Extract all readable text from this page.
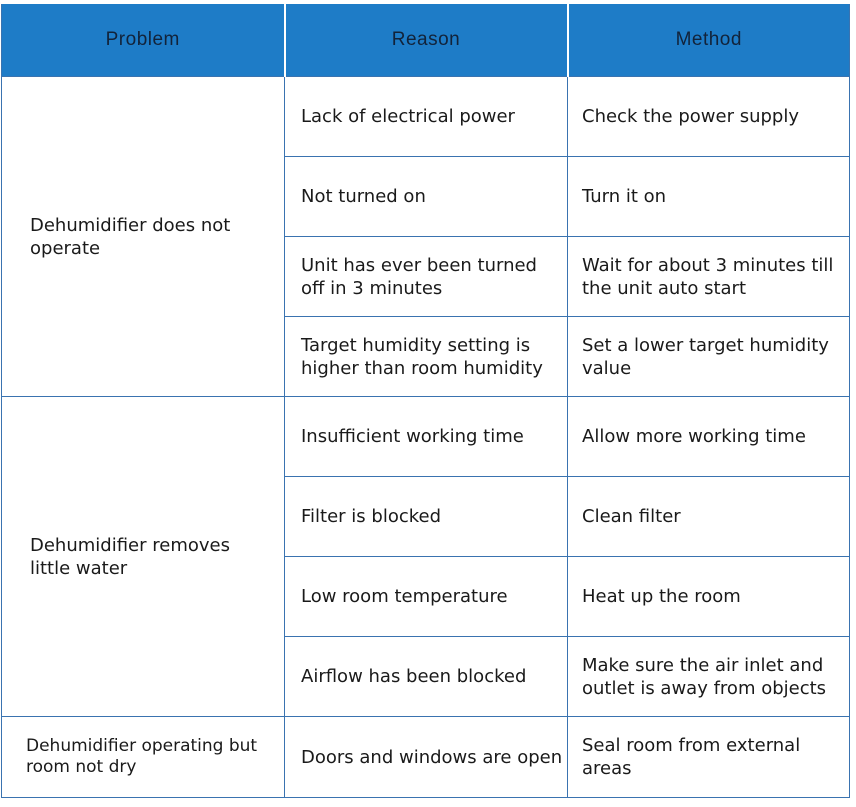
Problem	Reason	Method
Dehumidifier does not operate	Lack of electrical power	Check the power supply
	Not turned on	Turn it on
	Unit has ever been turned off in 3 minutes	Wait for about 3 minutes till the unit auto start
	Target humidity setting is higher than room humidity	Set a lower target humidity value
Dehumidifier removes little water	Insufficient working time	Allow more working time
	Filter is blocked	Clean filter
	Low room temperature	Heat up the room
	Airflow has been blocked	Make sure the air inlet and outlet is away from objects
Dehumidifier operating but room not dry	Doors and windows are open	Seal room from external areas
